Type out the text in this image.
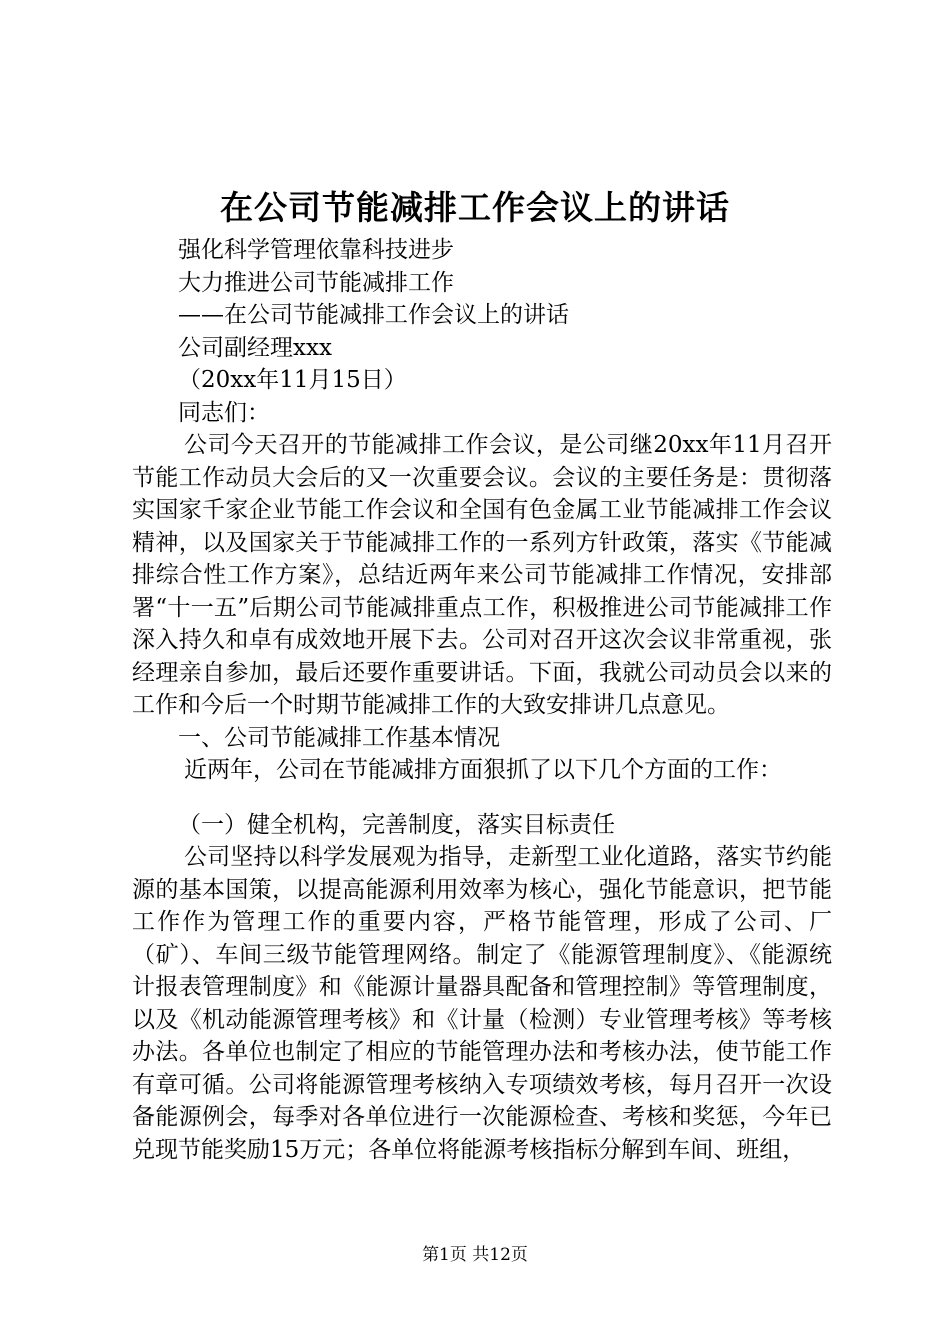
在公司节能减排工作会议上的讲话
强化科学管理依靠科技进步
大力推进公司节能减排工作
——在公司节能减排工作会议上的讲话
公司副经理xxx
（20xx年11月15日）
同志们：
公司今天召开的节能减排工作会议，是公司继20xx年11月召开节能工作动员大会后的又一次重要会议。会议的主要任务是：贯彻落实国家千家企业节能工作会议和全国有色金属工业节能减排工作会议精神，以及国家关于节能减排工作的一系列方针政策，落实《节能减排综合性工作方案》，总结近两年来公司节能减排工作情况，安排部署“十一五”后期公司节能减排重点工作，积极推进公司节能减排工作深入持久和卓有成效地开展下去。公司对召开这次会议非常重视，张经理亲自参加，最后还要作重要讲话。下面，我就公司动员会以来的工作和今后一个时期节能减排工作的大致安排讲几点意见。
一、公司节能减排工作基本情况
近两年，公司在节能减排方面狠抓了以下几个方面的工作：
（一）健全机构，完善制度，落实目标责任
公司坚持以科学发展观为指导，走新型工业化道路，落实节约能源的基本国策，以提高能源利用效率为核心，强化节能意识，把节能工作作为管理工作的重要内容，严格节能管理，形成了公司、厂（矿）、车间三级节能管理网络。制定了《能源管理制度》、《能源统计报表管理制度》和《能源计量器具配备和管理控制》等管理制度，以及《机动能源管理考核》和《计量（检测）专业管理考核》等考核办法。各单位也制定了相应的节能管理办法和考核办法，使节能工作有章可循。公司将能源管理考核纳入专项绩效考核，每月召开一次设备能源例会，每季对各单位进行一次能源检查、考核和奖惩，今年已兑现节能奖励15万元；各单位将能源考核指标分解到车间、班组，
第1页 共12页
